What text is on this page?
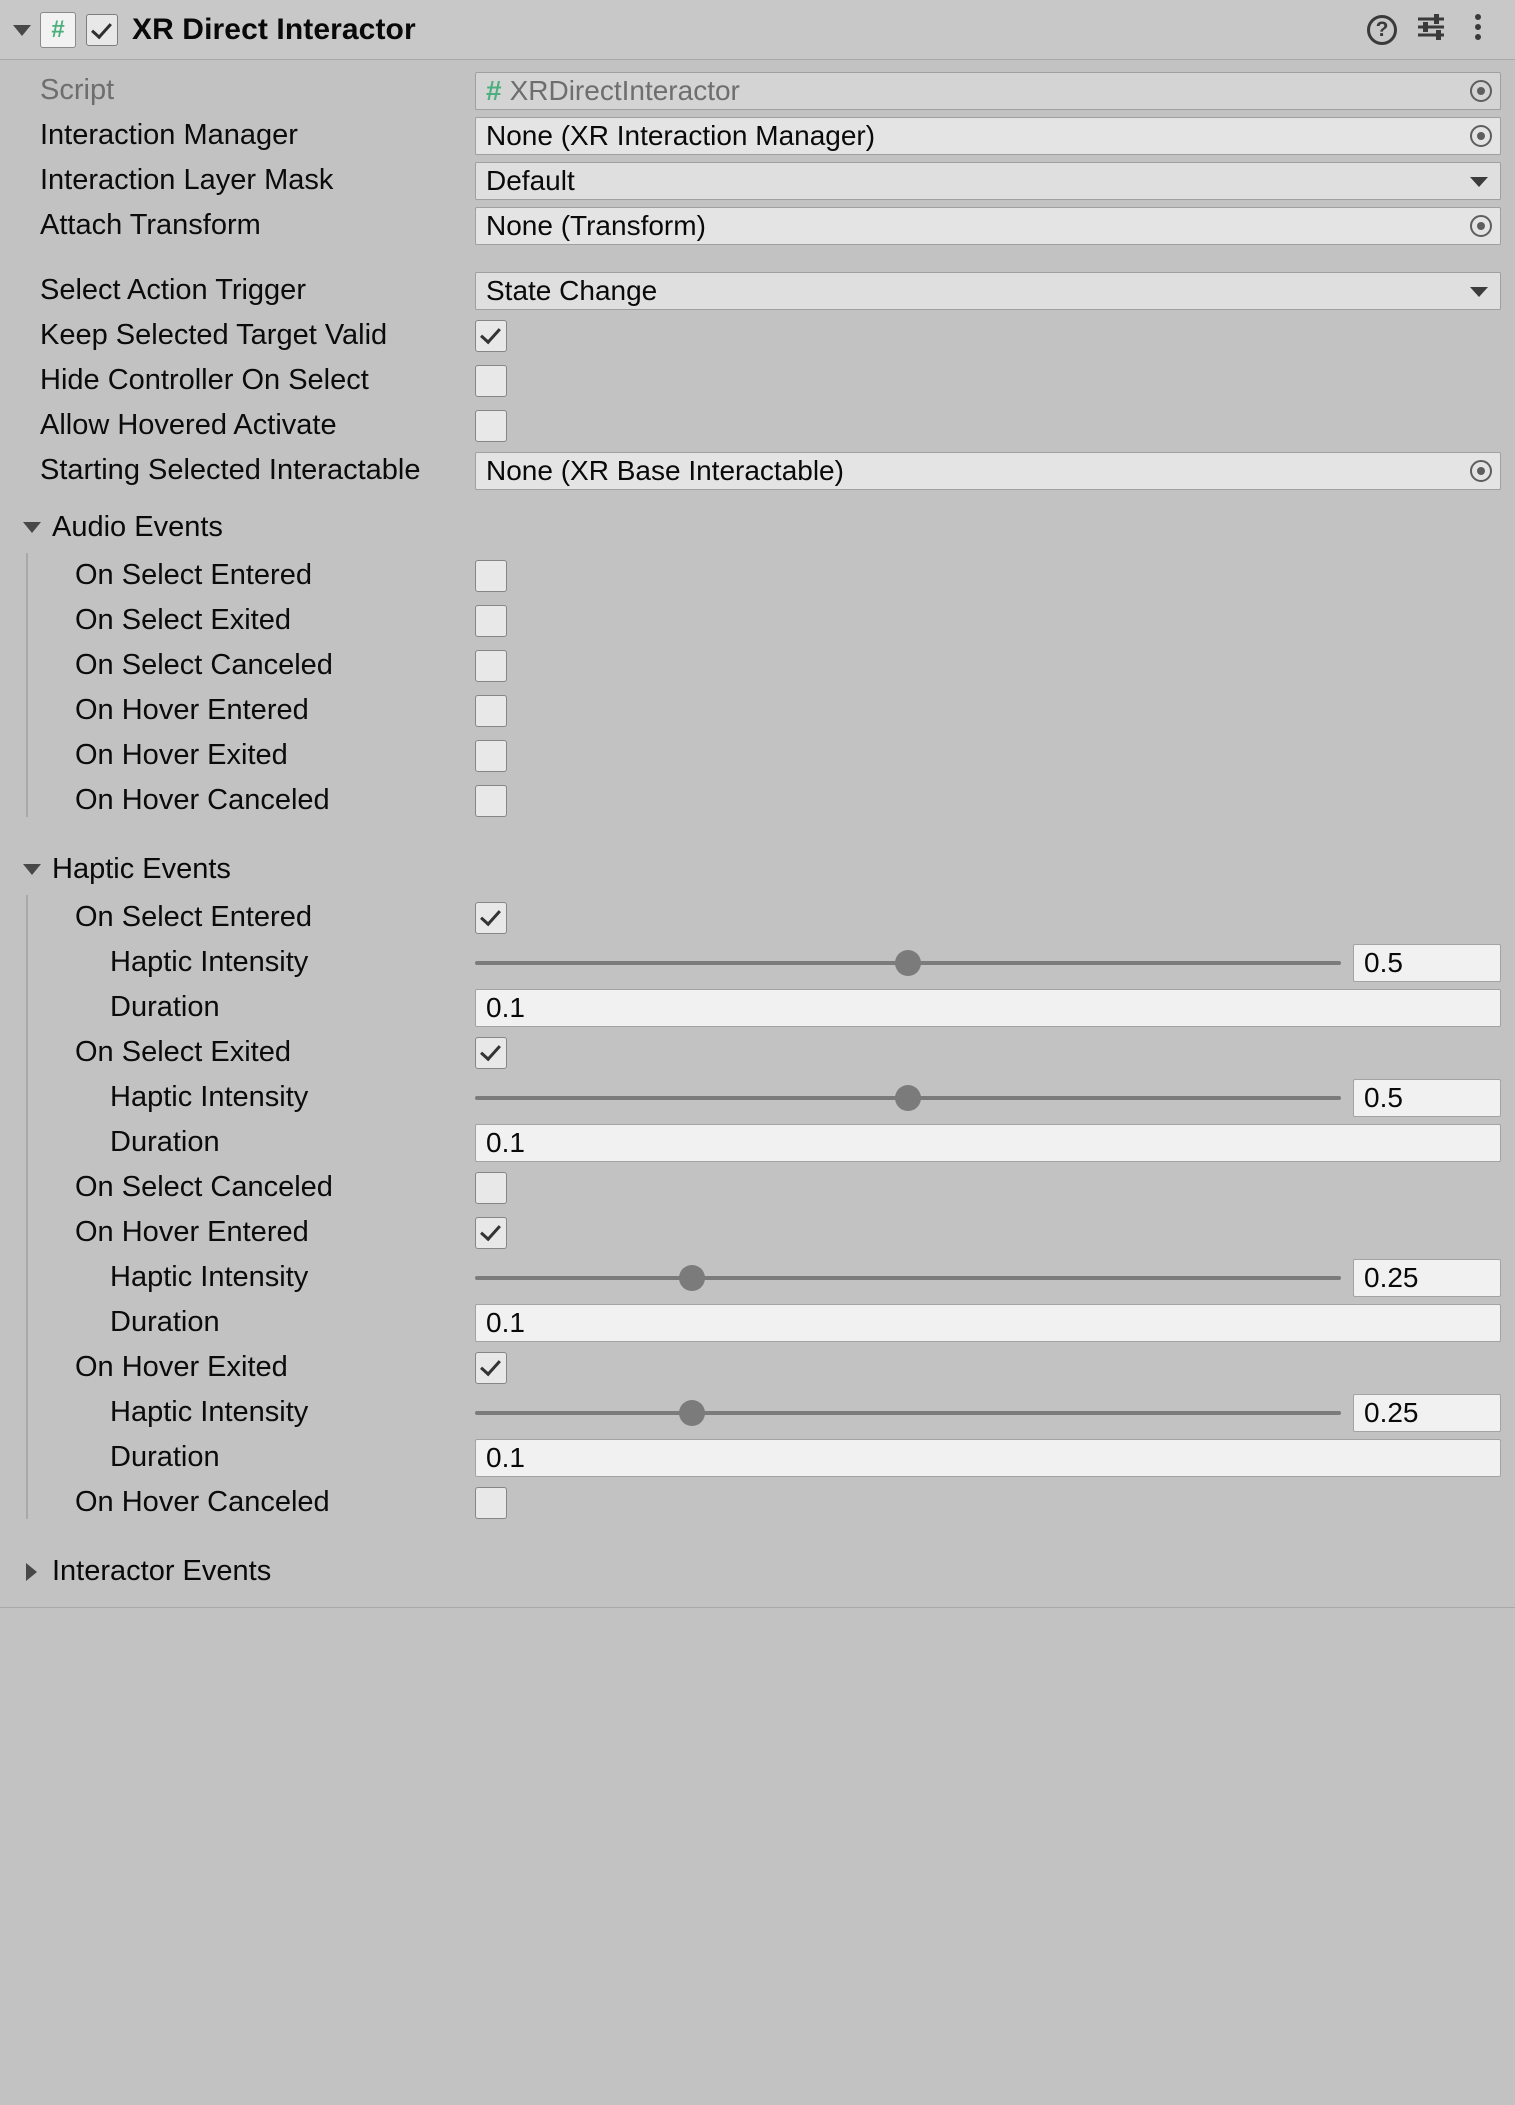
# XR Direct Interactor	?
Script	# XRDirectInteractor
Interaction Manager	None (XR Interaction Manager)
Interaction Layer Mask	Default
Attach Transform	None (Transform)
Select Action Trigger	State Change
Keep Selected Target Valid
Hide Controller On Select
Allow Hovered Activate
Starting Selected Interactable	None (XR Base Interactable)
Audio Events
On Select Entered
On Select Exited
On Select Canceled
On Hover Entered
On Hover Exited
On Hover Canceled
Haptic Events
On Select Entered
Haptic Intensity	0.5
Duration	0.1
On Select Exited
Haptic Intensity	0.5
Duration	0.1
On Select Canceled
On Hover Entered
Haptic Intensity	0.25
Duration	0.1
On Hover Exited
Haptic Intensity	0.25
Duration	0.1
On Hover Canceled
Interactor Events
